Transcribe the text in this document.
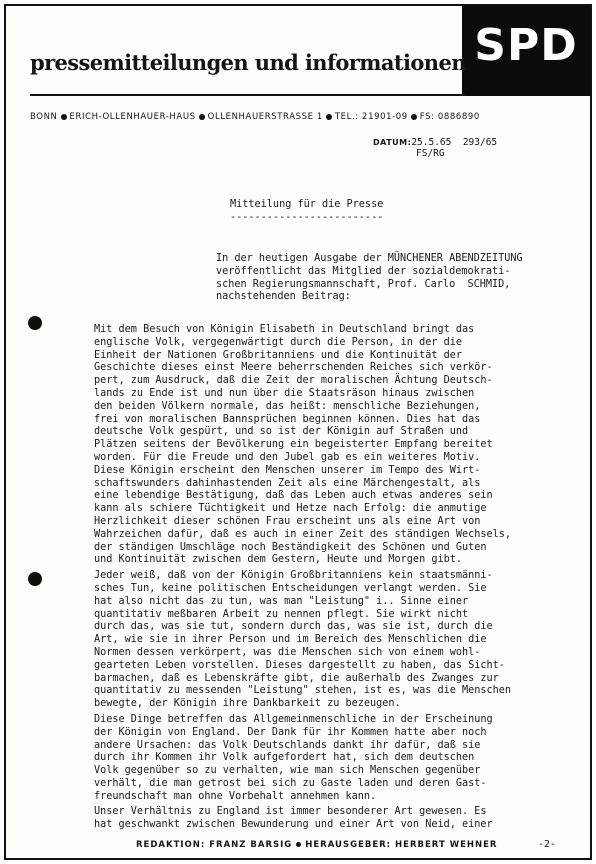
SPD
pressemitteilungen und informationen
BONN ERICH-OLLENHAUER-HAUS OLLENHAUERSTRASSE 1 TEL.: 21901-09 FS: 0886890
DATUM:25.5.65 293/65
FS/RG
Mitteilung für die Presse
-------------------------
In der heutigen Ausgabe der MÜNCHENER ABENDZEITUNG
veröffentlicht das Mitglied der sozialdemokrati-
schen Regierungsmannschaft, Prof. Carlo  SCHMID,
nachstehenden Beitrag:
Mit dem Besuch von Königin Elisabeth in Deutschland bringt das
englische Volk, vergegenwärtigt durch die Person, in der die
Einheit der Nationen Großbritanniens und die Kontinuität der
Geschichte dieses einst Meere beherrschenden Reiches sich verkör-
pert, zum Ausdruck, daß die Zeit der moralischen Ächtung Deutsch-
lands zu Ende ist und nun über die Staatsräson hinaus zwischen
den beiden Völkern normale, das heißt: menschliche Beziehungen,
frei von moralischen Bannsprüchen beginnen können. Dies hat das
deutsche Volk gespürt, und so ist der Königin auf Straßen und
Plätzen seitens der Bevölkerung ein begeisterter Empfang bereitet
worden. Für die Freude und den Jubel gab es ein weiteres Motiv.
Diese Königin erscheint den Menschen unserer im Tempo des Wirt-
schaftswunders dahinhastenden Zeit als eine Märchengestalt, als
eine lebendige Bestätigung, daß das Leben auch etwas anderes sein
kann als schiere Tüchtigkeit und Hetze nach Erfolg: die anmutige
Herzlichkeit dieser schönen Frau erscheint uns als eine Art von
Wahrzeichen dafür, daß es auch in einer Zeit des ständigen Wechsels,
der ständigen Umschläge noch Beständigkeit des Schönen und Guten
und Kontinuität zwischen dem Gestern, Heute und Morgen gibt.
Jeder weiß, daß von der Königin Großbritanniens kein staatsmänni-
sches Tun, keine politischen Entscheidungen verlangt werden. Sie
hat also nicht das zu tun, was man "Leistung" i.. Sinne einer
quantitativ meßbaren Arbeit zu nennen pflegt. Sie wirkt nicht
durch das, was sie tut, sondern durch das, was sie ist, durch die
Art, wie sie in ihrer Person und im Bereich des Menschlichen die
Normen dessen verkörpert, was die Menschen sich von einem wohl-
gearteten Leben vorstellen. Dieses dargestellt zu haben, das Sicht-
barmachen, daß es Lebenskräfte gibt, die außerhalb des Zwanges zur
quantitativ zu messenden "Leistung" stehen, ist es, was die Menschen
bewegte, der Königin ihre Dankbarkeit zu bezeugen.
Diese Dinge betreffen das Allgemeinmenschliche in der Erscheinung
der Königin von England. Der Dank für ihr Kommen hatte aber noch
andere Ursachen: das Volk Deutschlands dankt ihr dafür, daß sie
durch ihr Kommen ihr Volk aufgefordert hat, sich dem deutschen
Volk gegenüber so zu verhalten, wie man sich Menschen gegenüber
verhält, die man getrost bei sich zu Gaste laden und deren Gast-
freundschaft man ohne Vorbehalt annehmen kann.
Unser Verhältnis zu England ist immer besonderer Art gewesen. Es
hat geschwankt zwischen Bewunderung und einer Art von Neid, einer
REDAKTION: FRANZ BARSIG HERAUSGEBER: HERBERT WEHNER	-2-
